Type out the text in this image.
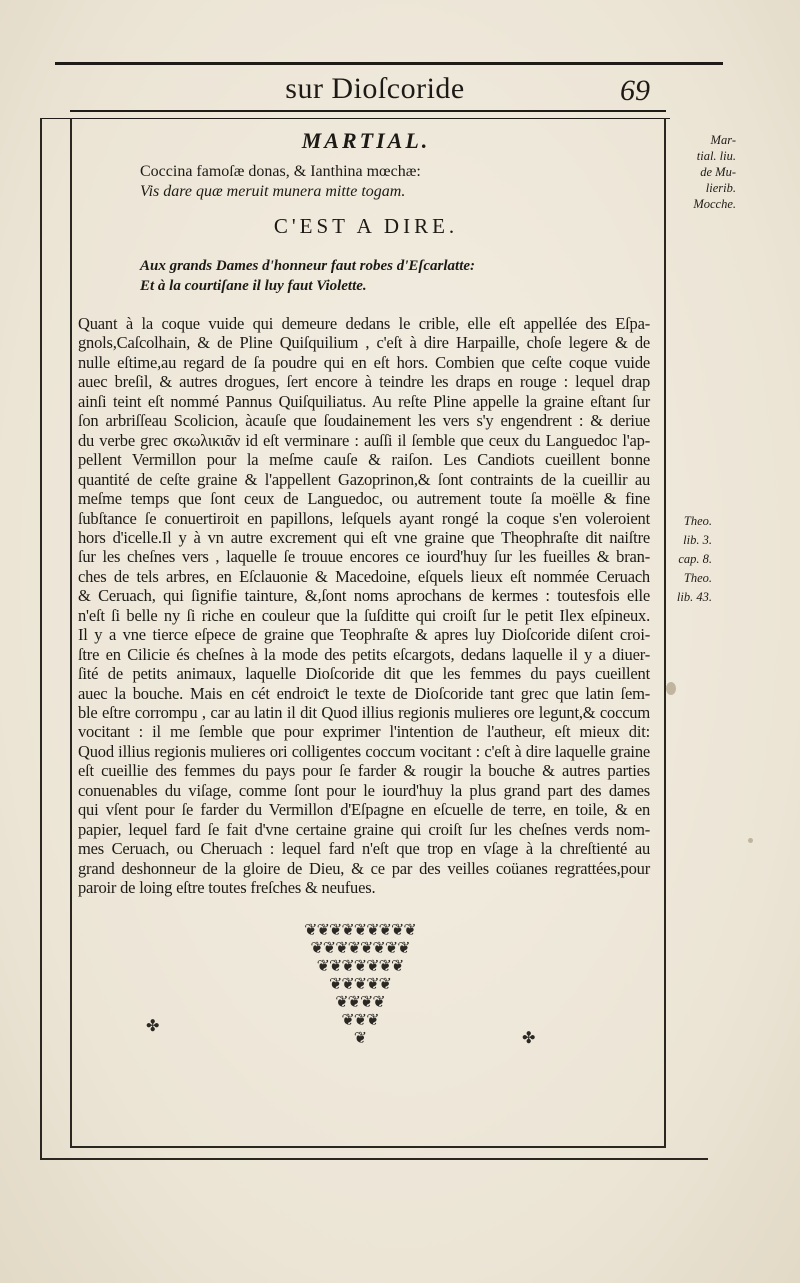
sur Dioſcoride	69
MARTIAL.
Coccina famoſæ donas, & Ianthina mœchæ:
Vis dare quæ meruit munera mitte togam.
C'EST A DIRE.
Aux grands Dames d'honneur faut robes d'Eſcarlatte:
Et à la courtiſane il luy faut Violette.
Quant à la coque vuide qui demeure dedans le crible, elle eſt appellée des Eſpa-
gnols,Caſcolhain, & de Pline Quiſquilium , c'eſt à dire Harpaille, choſe legere & de
nulle eſtime,au regard de ſa poudre qui en eſt hors. Combien que ceſte coque vuide
auec breſil, & autres drogues, ſert encore à teindre les draps en rouge : lequel drap
ainſi teint eſt nommé Pannus Quiſquiliatus. Au reſte Pline appelle la graine eſtant ſur
ſon arbriſſeau Scolicion, àcauſe que ſoudainement les vers s'y engendrent : & deriue
du verbe grec σκωλικιᾶν id eſt verminare : auſſi il ſemble que ceux du Languedoc l'ap-
pellent Vermillon pour la meſme cauſe & raiſon. Les Candiots cueillent bonne
quantité de ceſte graine & l'appellent Gazoprinon,& ſont contraints de la cueillir au
meſme temps que ſont ceux de Languedoc, ou autrement toute ſa moëlle & fine
ſubſtance ſe conuertiroit en papillons, leſquels ayant rongé la coque s'en voleroient
hors d'icelle.Il y à vn autre excrement qui eſt vne graine que Theophraſte dit naiſtre
ſur les cheſnes vers , laquelle ſe trouue encores ce iourd'huy ſur les fueilles & bran-
ches de tels arbres, en Eſclauonie & Macedoine, eſquels lieux eſt nommée Ceruach
& Ceruach, qui ſignifie tainture, &,ſont noms aprochans de kermes : toutesfois elle
n'eſt ſi belle ny ſi riche en couleur que la ſuſditte qui croiſt ſur le petit Ilex eſpineux.
Il y a vne tierce eſpece de graine que Teophraſte & apres luy Dioſcoride diſent croi-
ſtre en Cilicie és cheſnes à la mode des petits eſcargots, dedans laquelle il y a diuer-
ſité de petits animaux, laquelle Dioſcoride dit que les femmes du pays cueillent
auec la bouche. Mais en cét endroiƈt le texte de Dioſcoride tant grec que latin ſem-
ble eſtre corrompu , car au latin il dit Quod illius regionis mulieres ore legunt,& coccum
vocitant : il me ſemble que pour exprimer l'intention de l'autheur, eſt mieux dit:
Quod illius regionis mulieres ori colligentes coccum vocitant : c'eſt à dire laquelle graine
eſt cueillie des femmes du pays pour ſe farder & rougir la bouche & autres parties
conuenables du viſage, comme ſont pour le iourd'huy la plus grand part des dames
qui vſent pour ſe farder du Vermillon d'Eſpagne en eſcuelle de terre, en toile, & en
papier, lequel fard ſe fait d'vne certaine graine qui croiſt ſur les cheſnes verds nom-
mes Ceruach, ou Cheruach : lequel fard n'eſt que trop en vſage à la chreſtienté au
grand deshonneur de la gloire de Dieu, & ce par des veilles coüanes regrattées,pour
paroir de loing eſtre toutes freſches & neufues.
Mar-
tial. liu.
de Mu-
lierib.
Mocche.
Theo.
lib. 3.
cap. 8.
Theo.
lib. 43.
❦❦❦❦❦❦❦❦❦
❦❦❦❦❦❦❦❦
❦❦❦❦❦❦❦
❦❦❦❦❦
❦❦❦❦
❦❦❦
❦
✤
✤
